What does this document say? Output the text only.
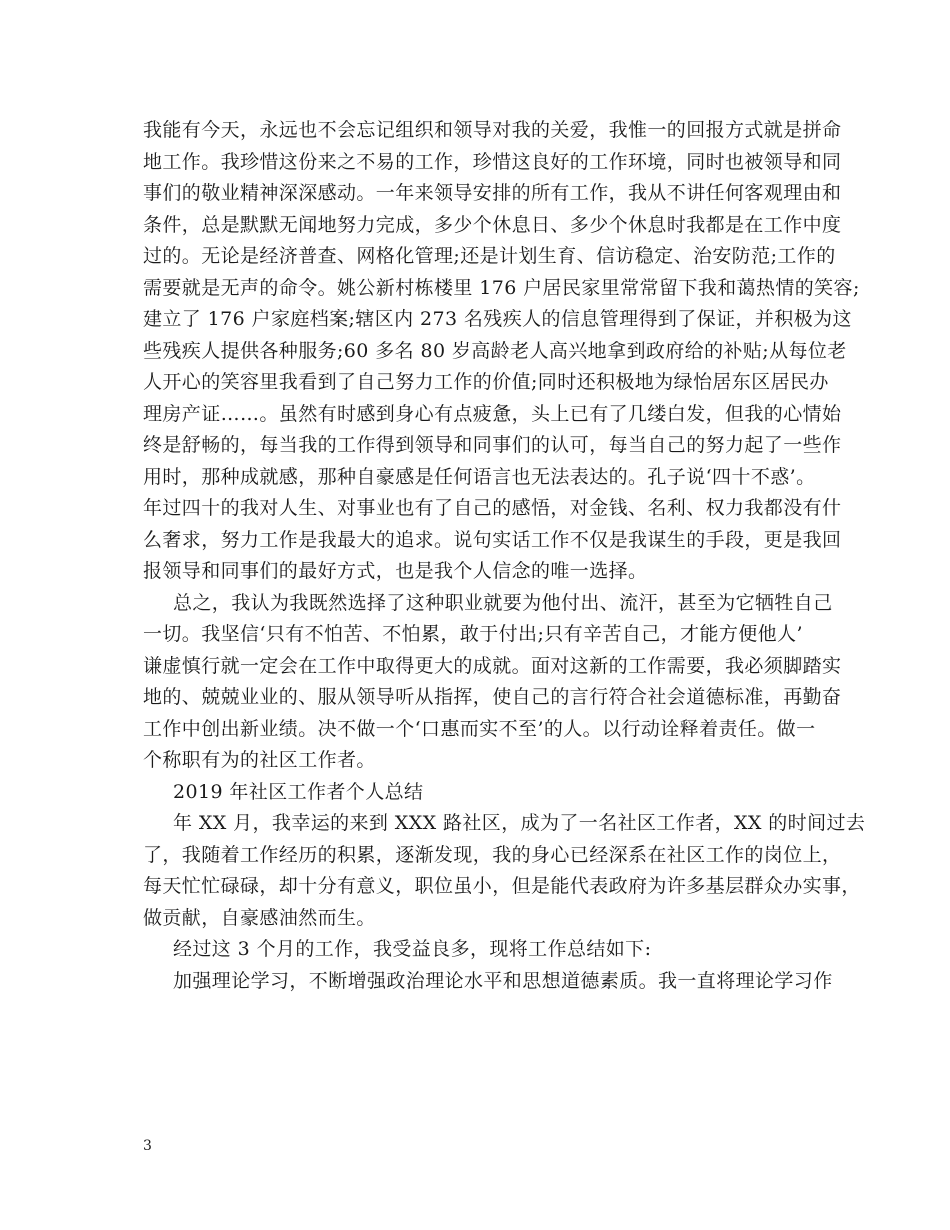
我能有今天，永远也不会忘记组织和领导对我的关爱，我惟一的回报方式就是拼命
地工作。我珍惜这份来之不易的工作，珍惜这良好的工作环境，同时也被领导和同
事们的敬业精神深深感动。一年来领导安排的所有工作，我从不讲任何客观理由和
条件，总是默默无闻地努力完成，多少个休息日、多少个休息时我都是在工作中度
过的。无论是经济普查、网格化管理;还是计划生育、信访稳定、治安防范;工作的
需要就是无声的命令。姚公新村栋楼里 176 户居民家里常常留下我和蔼热情的笑容;
建立了 176 户家庭档案;辖区内 273 名残疾人的信息管理得到了保证，并积极为这
些残疾人提供各种服务;60 多名 80 岁高龄老人高兴地拿到政府给的补贴;从每位老
人开心的笑容里我看到了自己努力工作的价值;同时还积极地为绿怡居东区居民办
理房产证……。虽然有时感到身心有点疲惫，头上已有了几缕白发，但我的心情始
终是舒畅的，每当我的工作得到领导和同事们的认可，每当自己的努力起了一些作
用时，那种成就感，那种自豪感是任何语言也无法表达的。孔子说‘四十不惑’。
年过四十的我对人生、对事业也有了自己的感悟，对金钱、名利、权力我都没有什
么奢求，努力工作是我最大的追求。说句实话工作不仅是我谋生的手段，更是我回
报领导和同事们的最好方式，也是我个人信念的唯一选择。
总之，我认为我既然选择了这种职业就要为他付出、流汗，甚至为它牺牲自己
一切。我坚信‘只有不怕苦、不怕累，敢于付出;只有辛苦自己，才能方便他人’
谦虚慎行就一定会在工作中取得更大的成就。面对这新的工作需要，我必须脚踏实
地的、兢兢业业的、服从领导听从指挥，使自己的言行符合社会道德标准，再勤奋
工作中创出新业绩。决不做一个‘口惠而实不至’的人。以行动诠释着责任。做一
个称职有为的社区工作者。
2019 年社区工作者个人总结
年 XX 月，我幸运的来到 XXX 路社区，成为了一名社区工作者，XX 的时间过去
了，我随着工作经历的积累，逐渐发现，我的身心已经深系在社区工作的岗位上，
每天忙忙碌碌，却十分有意义，职位虽小，但是能代表政府为许多基层群众办实事，
做贡献，自豪感油然而生。
经过这 3 个月的工作，我受益良多，现将工作总结如下:
加强理论学习，不断增强政治理论水平和思想道德素质。我一直将理论学习作
3
